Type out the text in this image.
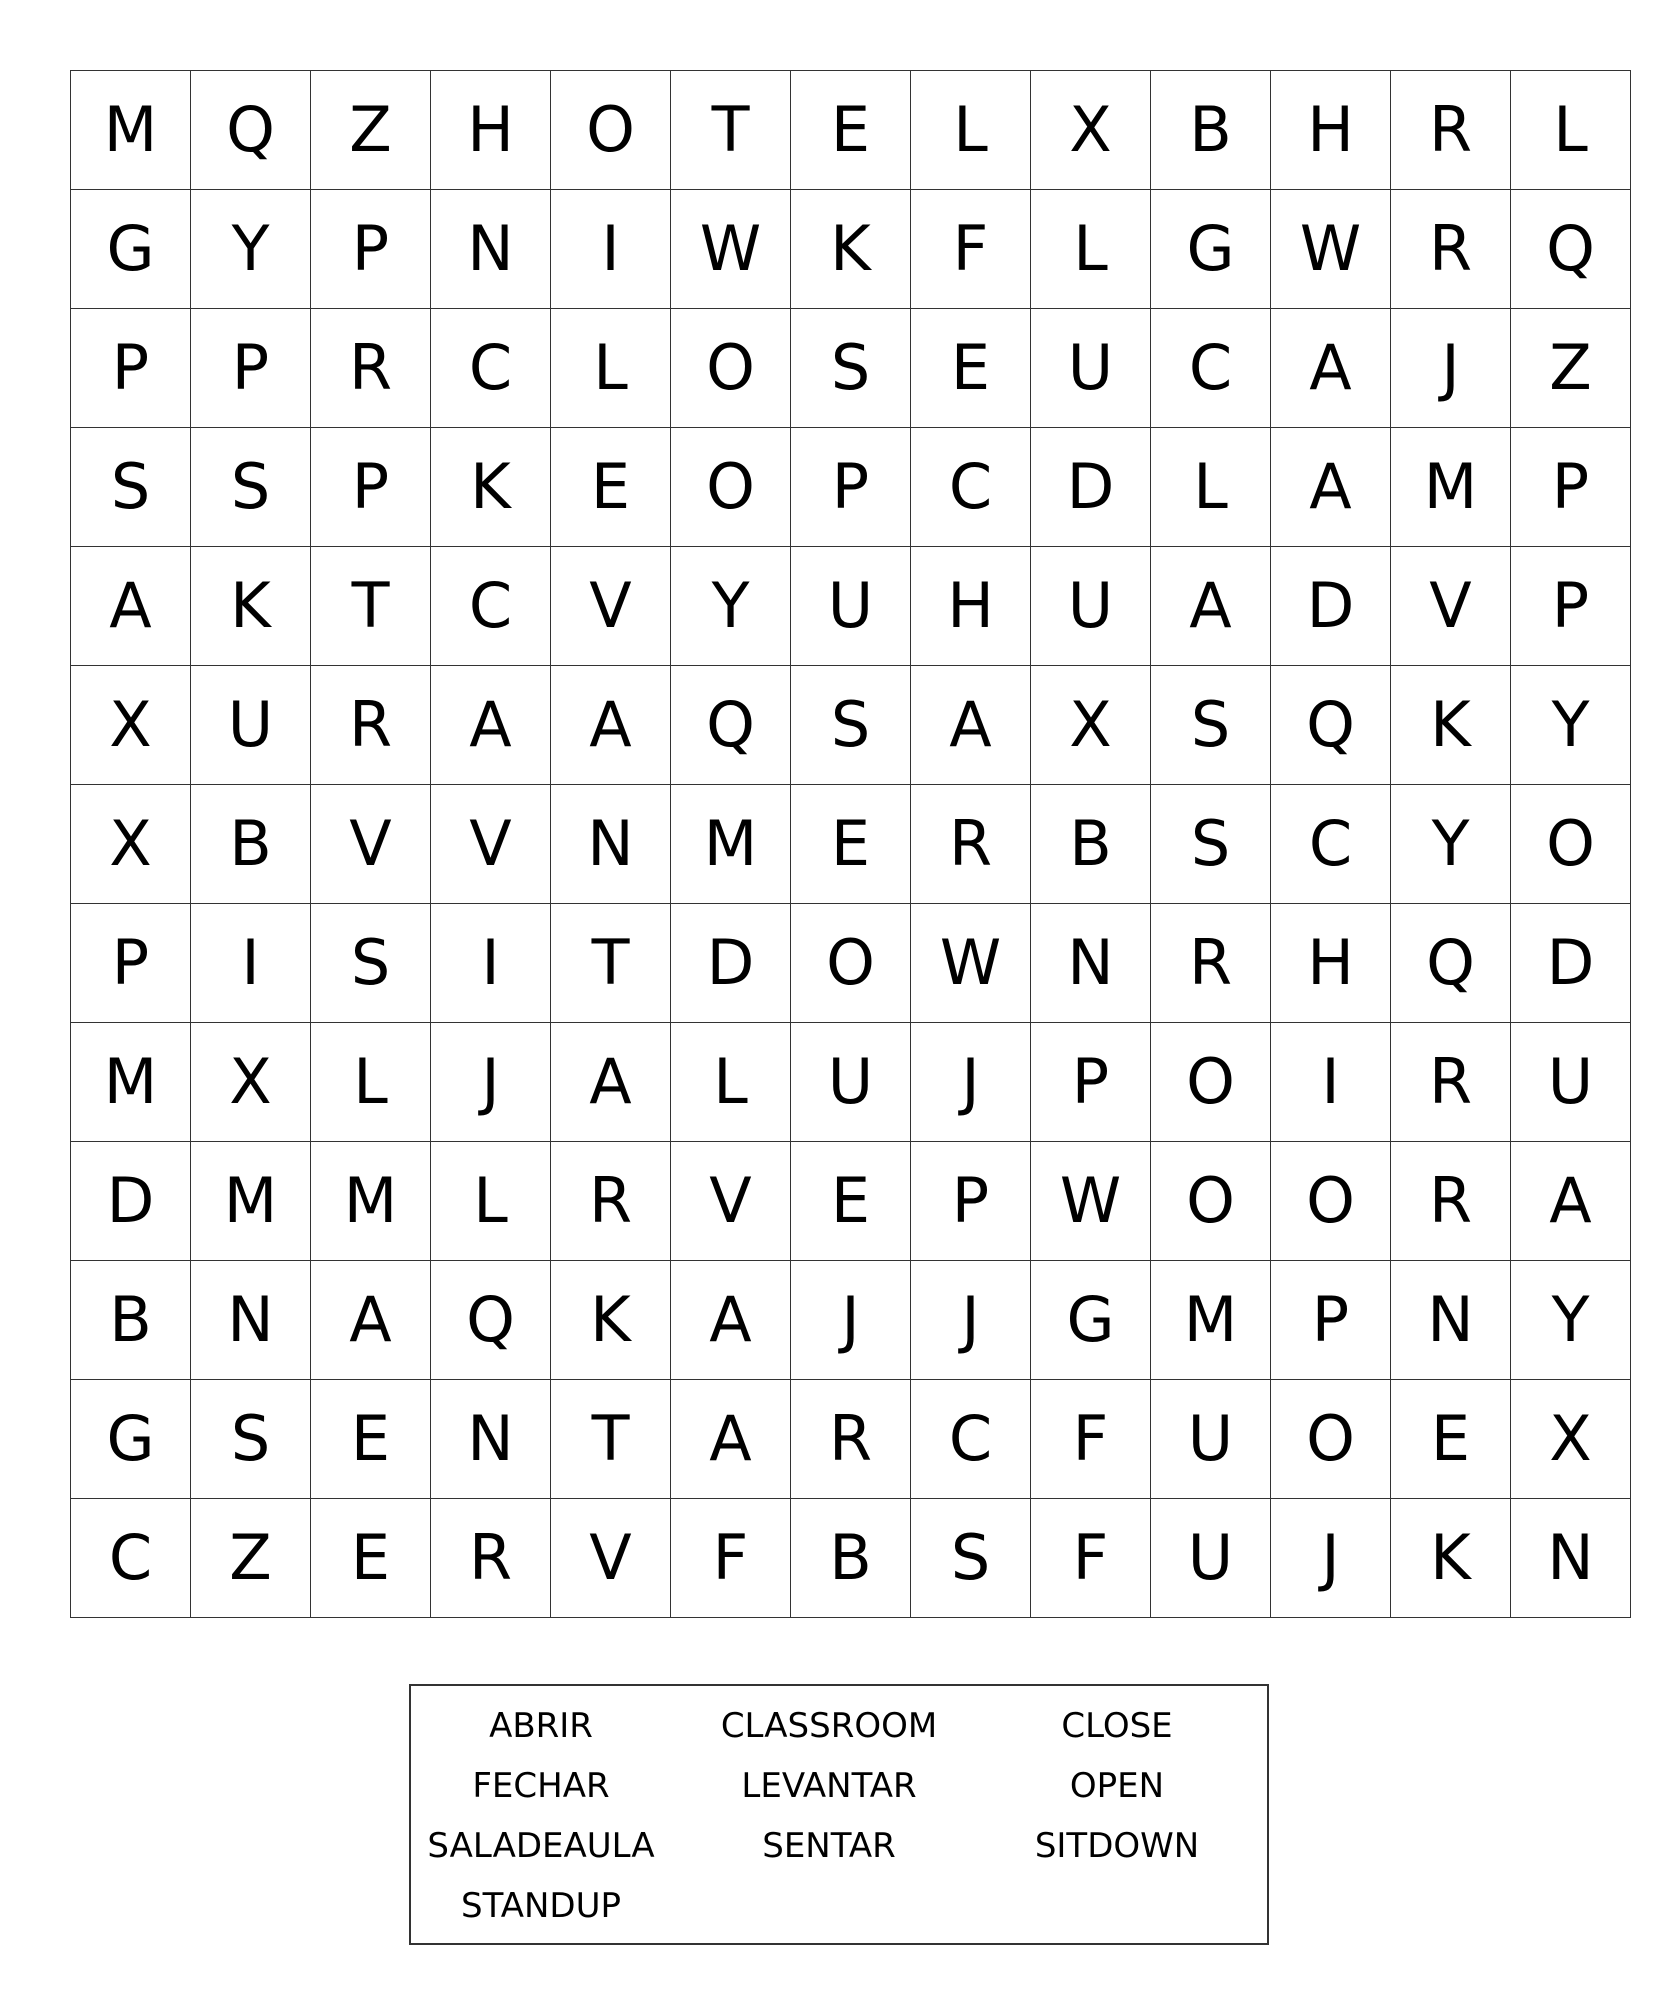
M	Q	Z	H	O	T	E	L	X	B	H	R	L
G	Y	P	N	I	W	K	F	L	G	W	R	Q
P	P	R	C	L	O	S	E	U	C	A	J	Z
S	S	P	K	E	O	P	C	D	L	A	M	P
A	K	T	C	V	Y	U	H	U	A	D	V	P
X	U	R	A	A	Q	S	A	X	S	Q	K	Y
X	B	V	V	N	M	E	R	B	S	C	Y	O
P	I	S	I	T	D	O	W	N	R	H	Q	D
M	X	L	J	A	L	U	J	P	O	I	R	U
D	M	M	L	R	V	E	P	W	O	O	R	A
B	N	A	Q	K	A	J	J	G	M	P	N	Y
G	S	E	N	T	A	R	C	F	U	O	E	X
C	Z	E	R	V	F	B	S	F	U	J	K	N
ABRIR	CLASSROOM	CLOSE
FECHAR	LEVANTAR	OPEN
SALADEAULA	SENTAR	SITDOWN
STANDUP
